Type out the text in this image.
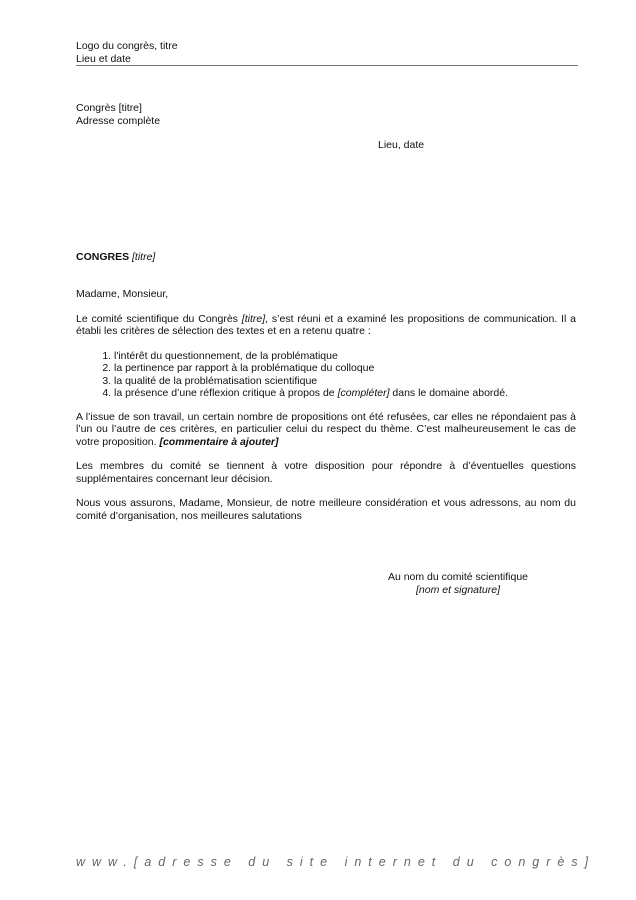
Logo du congrès, titre
Lieu et date
Congrès [titre]
Adresse complète
Lieu, date
CONGRES [titre]

Madame, Monsieur,

Le comité scientifique du Congrès [titre], s’est réuni et a examiné les propositions de communication. Il a établi les critères de sélection des textes et en a retenu quatre :

1. l'intérêt du questionnement, de la problématique
2. la pertinence par rapport à la problématique du colloque
3. la qualité de la problématisation scientifique
4. la présence d’une réflexion critique à propos de [compléter] dans le domaine abordé.

A l’issue de son travail, un certain nombre de propositions ont été refusées, car elles ne répondaient pas à l’un ou l’autre de ces critères, en particulier celui du respect du thème. C’est malheureusement le cas de votre proposition. [commentaire à ajouter]

Les membres du comité se tiennent à votre disposition pour répondre à d’éventuelles questions supplémentaires concernant leur décision.

Nous vous assurons, Madame, Monsieur, de notre meilleure considération et vous adressons, au nom du comité d’organisation, nos meilleures salutations

Au nom du comité scientifique
[nom et signature]
www.[adresse du site internet du congrès]
